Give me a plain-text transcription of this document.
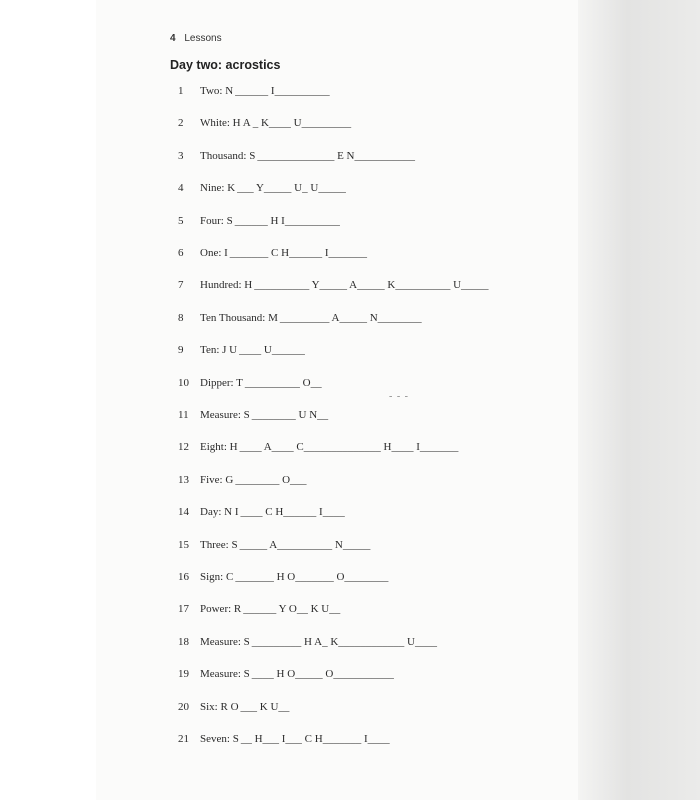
4 Lessons
Day two: acrostics
1 Two: N ______ I__________
2 White: H A _ K____ U_________
3 Thousand: S ______________ E N___________
4 Nine: K ___ Y_____ U_ U_____
5 Four: S ______ H I__________
6 One: I _______ C H______ I_______
7 Hundred: H __________ Y_____ A_____ K__________ U_____
8 Ten Thousand: M _________ A_____ N________
9 Ten: J U ____ U______
10 Dipper: T __________ O__
11 Measure: S ________ U N__
12 Eight: H ____ A____ C______________ H____ I_______
13 Five: G ________ O___
14 Day: N I ____ C H______ I____
15 Three: S _____ A__________ N_____
16 Sign: C _______ H O_______ O________
17 Power: R ______ Y O__ K U__
18 Measure: S _________ H A_ K____________ U____
19 Measure: S ____ H O_____ O___________
20 Six: R O ___ K U__
21 Seven: S __ H___ I___ C H_______ I____
- - -
